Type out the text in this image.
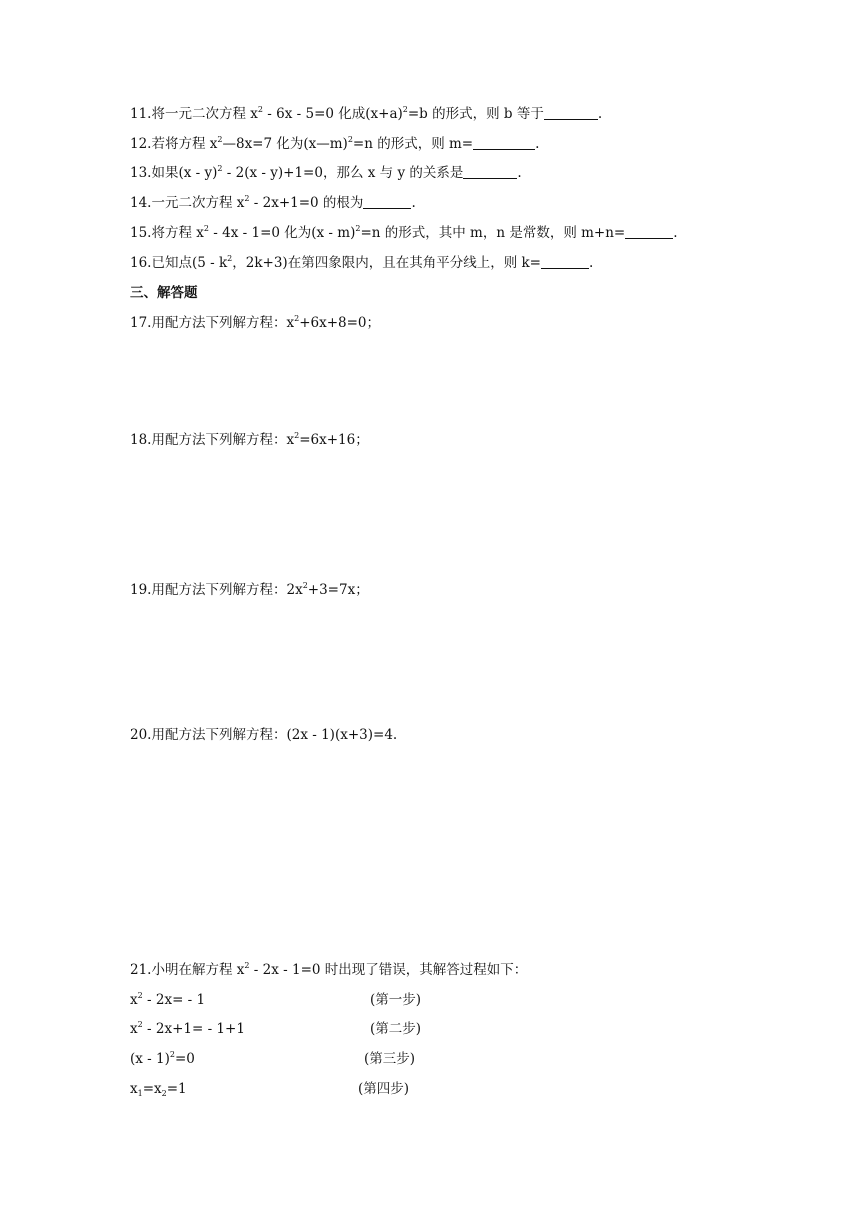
11.将一元二次方程 $x^2 - 6x - 5=0$ 化成$(x+a)^2=b$ 的形式，则 b 等于	.
12.若将方程 $x^2—8x=7$ 化为(x—m)$^2$=n 的形式，则 m=	.
13.如果(x - y)$^2$ - 2(x - y)+1=0，那么 x 与 y 的关系是	.
14.一元二次方程 $x^2 - 2x+1=0$ 的根为	.
15.将方程 $x^2 - 4x - 1=0$ 化为(x - m)$^2$=n 的形式，其中 m，n 是常数，则 m+n=	.
16.已知点($5 - k^2$，2k+3)在第四象限内，且在其角平分线上，则 k=	.
三、解答题
17.用配方法下列解方程：$x^2+6x+8=0$；
18.用配方法下列解方程：$x^2=6x+16$；
19.用配方法下列解方程：$2x^2+3=7x$；
20.用配方法下列解方程：(2x - 1)(x+3)=4.
21.小明在解方程 $x^2 - 2x - 1=0$ 时出现了错误，其解答过程如下：
$x^2 - 2x= - 1$	(第一步)
$x^2 - 2x+1= - 1+1$	(第二步)
(x - 1)$^2$=0	(第三步)
$x_1=x_2=1$	(第四步)
